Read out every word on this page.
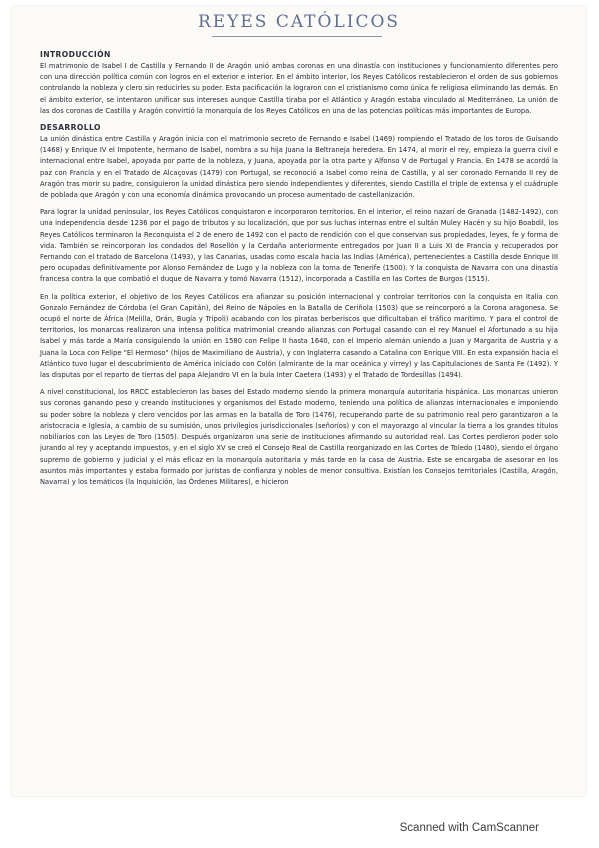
REYES CATÓLICOS
INTRODUCCIÓN

El matrimonio de Isabel I de Castilla y Fernando II de Aragón unió ambas coronas en una dinastía con instituciones y funcionamiento diferentes pero con una dirección política común con logros en el exterior e interior. En el ámbito interior, los Reyes Católicos restablecieron el orden de sus gobiernos controlando la nobleza y clero sin reducirles su poder. Esta pacificación la lograron con el cristianismo como única fe religiosa eliminando las demás. En el ámbito exterior, se intentaron unificar sus intereses aunque Castilla tiraba por el Atlántico y Aragón estaba vinculado al Mediterráneo. La unión de las dos coronas de Castilla y Aragón convirtió la monarquía de los Reyes Católicos en una de las potencias políticas más importantes de Europa.

DESARROLLO

La unión dinástica entre Castilla y Aragón inicia con el matrimonio secreto de Fernando e Isabel (1469) rompiendo el Tratado de los toros de Guisando (1468) y Enrique IV el Impotente, hermano de Isabel, nombra a su hija Juana la Beltraneja heredera. En 1474, al morir el rey, empieza la guerra civil e internacional entre Isabel, apoyada por parte de la nobleza, y Juana, apoyada por la otra parte y Alfonso V de Portugal y Francia. En 1478 se acordó la paz con Francia y en el Tratado de Alcaçovas (1479) con Portugal, se reconoció a Isabel como reina de Castilla, y al ser coronado Fernando II rey de Aragón tras morir su padre, consiguieron la unidad dinástica pero siendo independientes y diferentes, siendo Castilla el triple de extensa y el cuádruple de poblada que Aragón y con una economía dinámica provocando un proceso aumentado de castellanización.

Para lograr la unidad peninsular, los Reyes Católicos conquistaron e incorporaron territorios. En el interior, el reino nazarí de Granada (1482-1492), con una independencia desde 1236 por el pago de tributos y su localización, que por sus luchas internas entre el sultán Muley Hacén y su hijo Boabdil, los Reyes Católicos terminaron la Reconquista el 2 de enero de 1492 con el pacto de rendición con el que conservan sus propiedades, leyes, fe y forma de vida. También se reincorporan los condados del Rosellón y la Cerdaña anteriormente entregados por Juan II a Luis XI de Francia y recuperados por Fernando con el tratado de Barcelona (1493), y las Canarias, usadas como escala hacia las Indias (América), pertenecientes a Castilla desde Enrique III pero ocupadas definitivamente por Alonso Fernández de Lugo y la nobleza con la toma de Tenerife (1500). Y la conquista de Navarra con una dinastía francesa contra la que combatió el duque de Navarra y tomó Navarra (1512), incorporada a Castilla en las Cortes de Burgos (1515).

En la política exterior, el objetivo de los Reyes Católicos era afianzar su posición internacional y controlar territorios con la conquista en Italia con Gonzalo Fernández de Córdoba (el Gran Capitán), del Reino de Nápoles en la Batalla de Ceriñola (1503) que se reincorporó a la Corona aragonesa. Se ocupó el norte de África (Melilla, Orán, Bugía y Trípoli) acabando con los piratas berberiscos que dificultaban el tráfico marítimo. Y para el control de territorios, los monarcas realizaron una intensa política matrimonial creando alianzas con Portugal casando con el rey Manuel el Afortunado a su hija Isabel y más tarde a María consiguiendo la unión en 1580 con Felipe II hasta 1640, con el Imperio alemán uniendo a Juan y Margarita de Austria y a Juana la Loca con Felipe "El Hermoso" (hijos de Maximiliano de Austria), y con Inglaterra casando a Catalina con Enrique VIII. En esta expansión hacia el Atlántico tuvo lugar el descubrimiento de América iniciado con Colón (almirante de la mar oceánica y virrey) y las Capitulaciones de Santa Fe (1492). Y las disputas por el reparto de tierras del papa Alejandro VI en la bula Inter Caetera (1493) y el Tratado de Tordesillas (1494).

A nivel constitucional, los RRCC establecieron las bases del Estado moderno siendo la primera monarquía autoritaria hispánica. Los monarcas unieron sus coronas ganando peso y creando instituciones y organismos del Estado moderno, teniendo una política de alianzas internacionales e imponiendo su poder sobre la nobleza y clero vencidos por las armas en la batalla de Toro (1476), recuperando parte de su patrimonio real pero garantizaron a la aristocracia e Iglesia, a cambio de su sumisión, unos privilegios jurisdiccionales (señoríos) y con el mayorazgo al vincular la tierra a los grandes títulos nobiliarios con las Leyes de Toro (1505). Después organizaron una serie de instituciones afirmando su autoridad real. Las Cortes perdieron poder solo jurando al rey y aceptando impuestos, y en el siglo XV se creó el Consejo Real de Castilla reorganizado en las Cortes de Toledo (1480), siendo el órgano supremo de gobierno y judicial y el más eficaz en la monarquía autoritaria y más tarde en la casa de Austria. Este se encargaba de asesorar en los asuntos más importantes y estaba formado por juristas de confianza y nobles de menor consultiva. Existían los Consejos territoriales (Castilla, Aragón, Navarra) y los temáticos (la Inquisición, las Órdenes Militares), e hicieron

Scanned with CamScanner
